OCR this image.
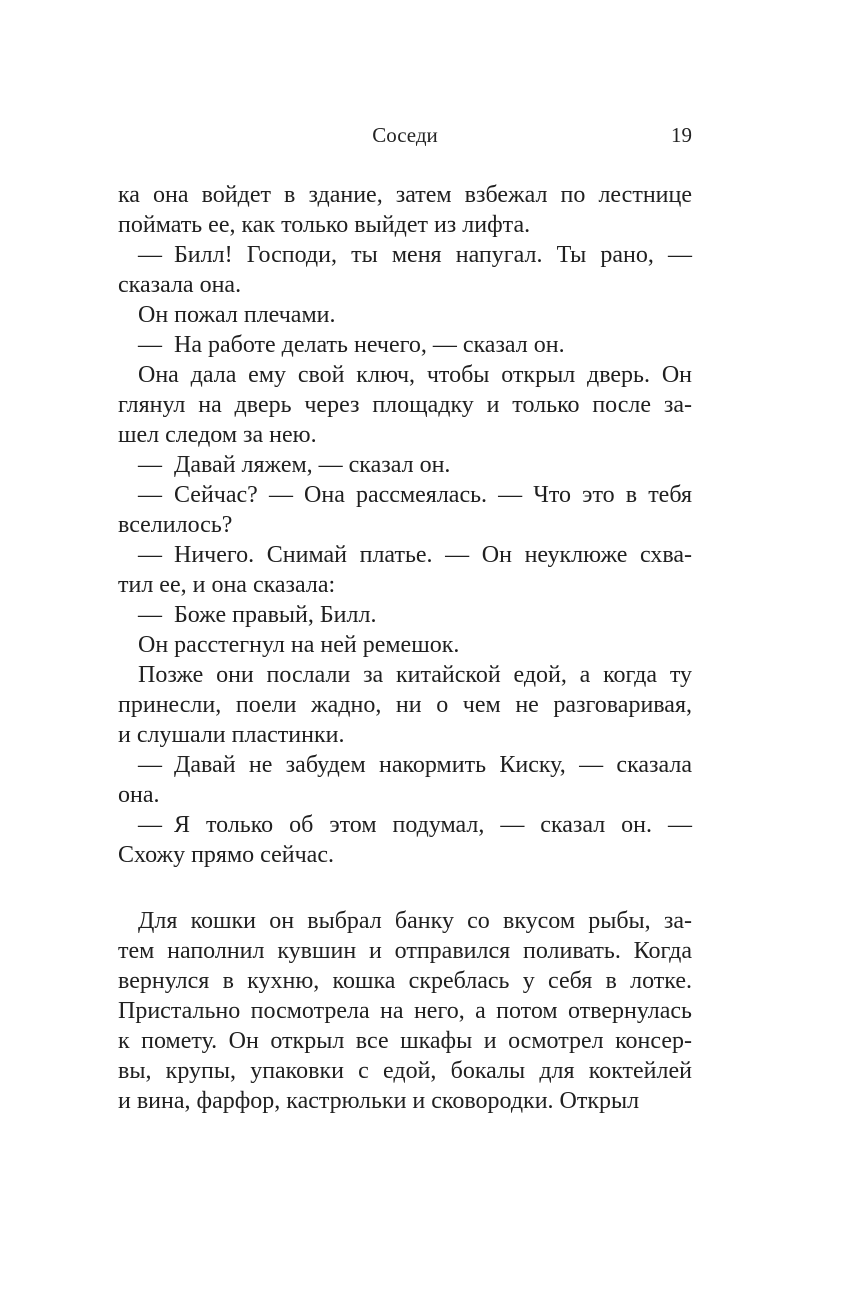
Соседи	19
ка она войдет в здание, затем взбежал по лестнице
поймать ее, как только выйдет из лифта.
— Билл! Господи, ты меня напугал. Ты рано, —
сказала она.
Он пожал плечами.
— На работе делать нечего, — сказал он.
Она дала ему свой ключ, чтобы открыл дверь. Он
глянул на дверь через площадку и только после за-
шел следом за нею.
— Давай ляжем, — сказал он.
— Сейчас? — Она рассмеялась. — Что это в тебя
вселилось?
— Ничего. Снимай платье. — Он неуклюже схва-
тил ее, и она сказала:
— Боже правый, Билл.
Он расстегнул на ней ремешок.
Позже они послали за китайской едой, а когда ту
принесли, поели жадно, ни о чем не разговаривая,
и слушали пластинки.
— Давай не забудем накормить Киску, — сказала
она.
— Я только об этом подумал, — сказал он. —
Схожу прямо сейчас.
Для кошки он выбрал банку со вкусом рыбы, за-
тем наполнил кувшин и отправился поливать. Когда
вернулся в кухню, кошка скреблась у себя в лотке.
Пристально посмотрела на него, а потом отвернулась
к помету. Он открыл все шкафы и осмотрел консер-
вы, крупы, упаковки с едой, бокалы для коктейлей
и вина, фарфор, кастрюльки и сковородки. Открыл
